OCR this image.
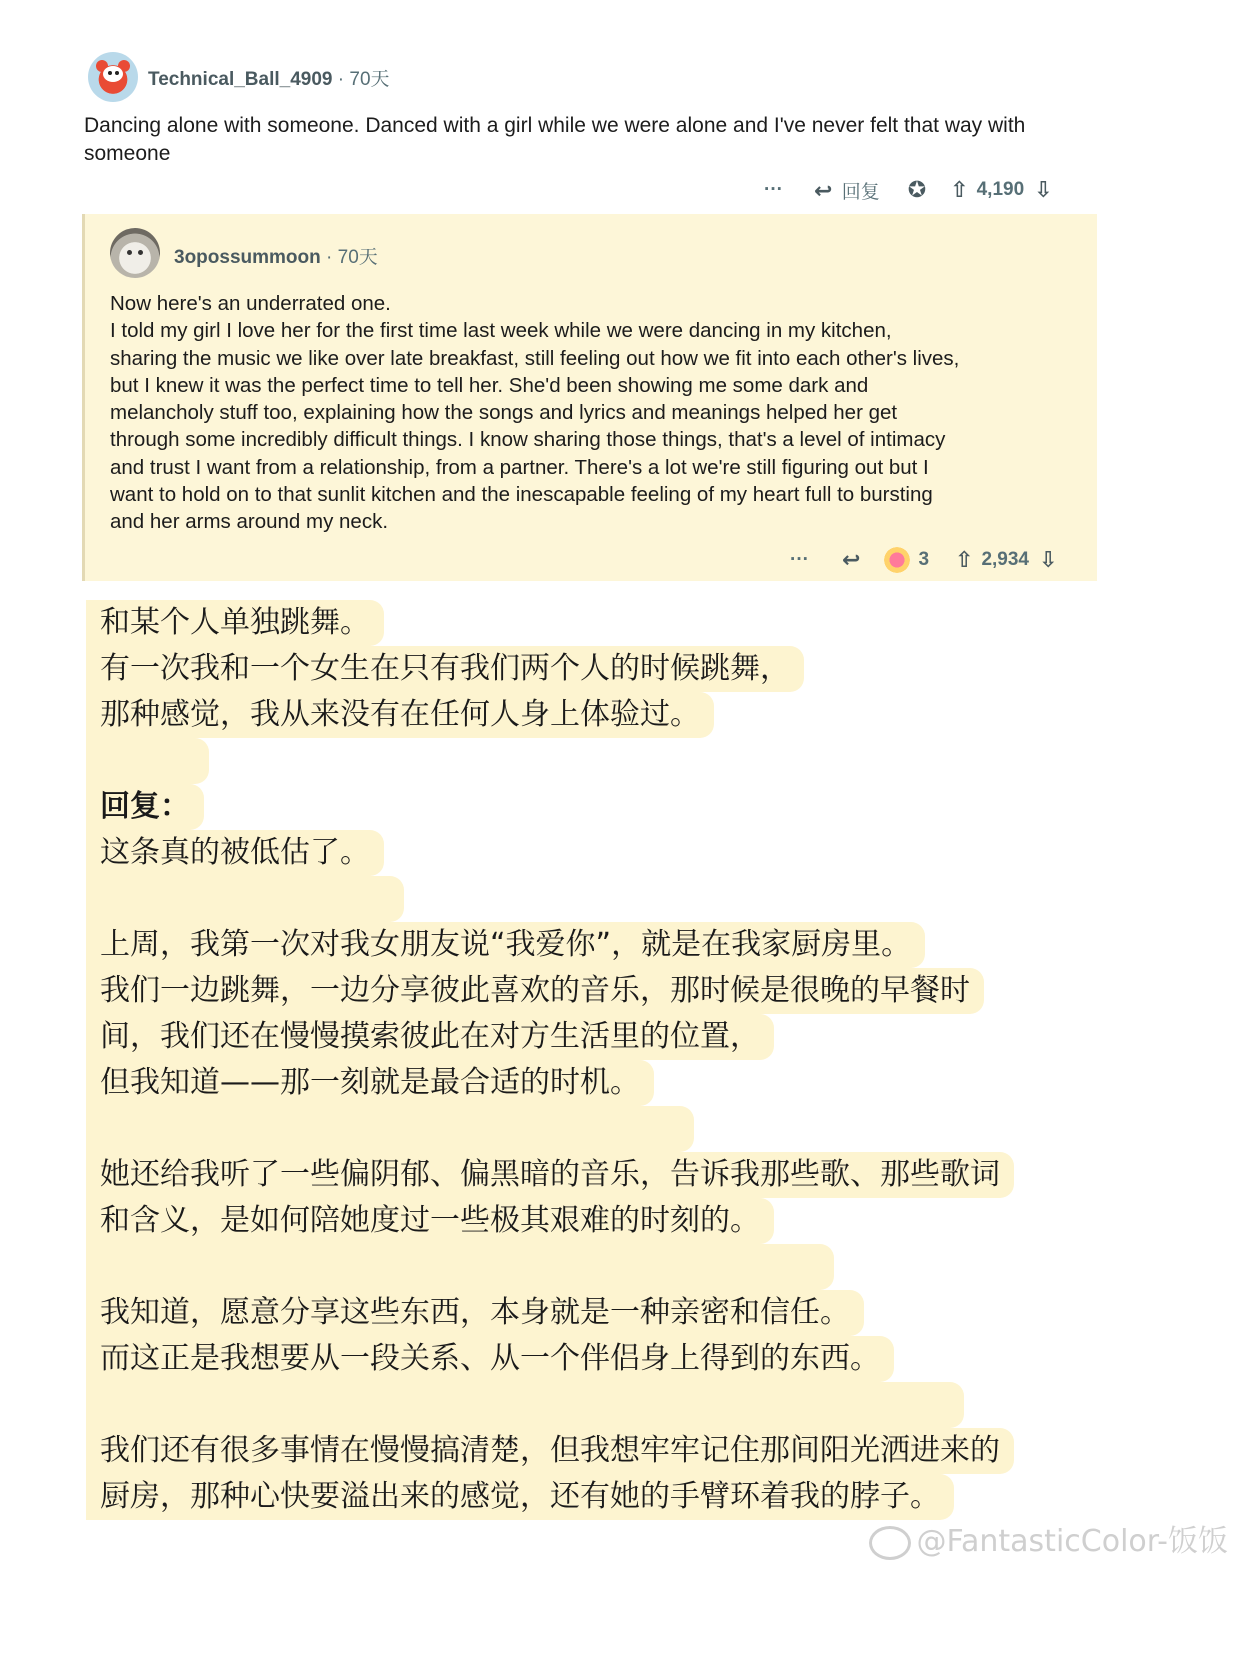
Technical_Ball_4909 · 70天
Dancing alone with someone. Danced with a girl while we were alone and I've never felt that way with someone
···	↩ 回复 ✪ ⇧ 4,190 ⇩
3opossummoon · 70天
Now here's an underrated one.
I told my girl I love her for the first time last week while we were dancing in my kitchen,
sharing the music we like over late breakfast, still feeling out how we fit into each other's lives,
but I knew it was the perfect time to tell her. She'd been showing me some dark and
melancholy stuff too, explaining how the songs and lyrics and meanings helped her get
through some incredibly difficult things. I know sharing those things, that's a level of intimacy
and trust I want from a relationship, from a partner. There's a lot we're still figuring out but I
want to hold on to that sunlit kitchen and the inescapable feeling of my heart full to bursting
and her arms around my neck.
···	↩	3 ⇧ 2,934 ⇩
和某个人单独跳舞。
有一次我和一个女生在只有我们两个人的时候跳舞，
那种感觉，我从来没有在任何人身上体验过。

回复：
这条真的被低估了。

上周，我第一次对我女朋友说“我爱你”，就是在我家厨房里。
我们一边跳舞，一边分享彼此喜欢的音乐，那时候是很晚的早餐时
间，我们还在慢慢摸索彼此在对方生活里的位置，
但我知道——那一刻就是最合适的时机。

她还给我听了一些偏阴郁、偏黑暗的音乐，告诉我那些歌、那些歌词
和含义，是如何陪她度过一些极其艰难的时刻的。

我知道，愿意分享这些东西，本身就是一种亲密和信任。
而这正是我想要从一段关系、从一个伴侣身上得到的东西。

我们还有很多事情在慢慢搞清楚，但我想牢牢记住那间阳光洒进来的
厨房，那种心快要溢出来的感觉，还有她的手臂环着我的脖子。
@FantasticColor-饭饭
